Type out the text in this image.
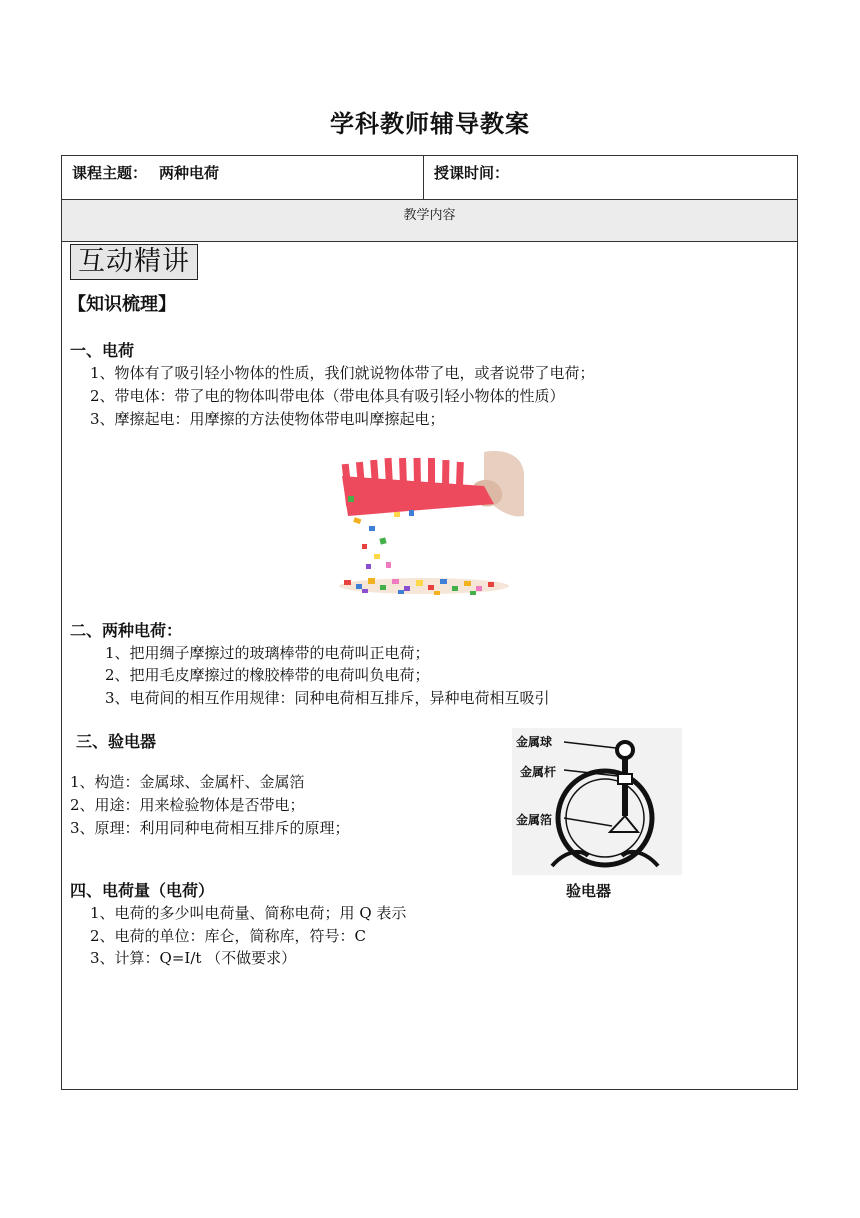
学科教师辅导教案
课程主题： 两种电荷	授课时间：
教学内容
互动精讲
【知识梳理】
一、电荷
1、物体有了吸引轻小物体的性质，我们就说物体带了电，或者说带了电荷；
2、带电体：带了电的物体叫带电体（带电体具有吸引轻小物体的性质）
3、摩擦起电：用摩擦的方法使物体带电叫摩擦起电；
二、两种电荷：
1、把用绸子摩擦过的玻璃棒带的电荷叫正电荷；
2、把用毛皮摩擦过的橡胶棒带的电荷叫负电荷；
3、电荷间的相互作用规律：同种电荷相互排斥，异种电荷相互吸引
三、验电器
1、构造：金属球、金属杆、金属箔
2、用途：用来检验物体是否带电；
3、原理：利用同种电荷相互排斥的原理；
金属球
金属杆
金属箔
验电器
四、电荷量（电荷）
1、电荷的多少叫电荷量、简称电荷；用 Q 表示
2、电荷的单位：库仑，简称库，符号：C
3、计算：Q=I/t （不做要求）
